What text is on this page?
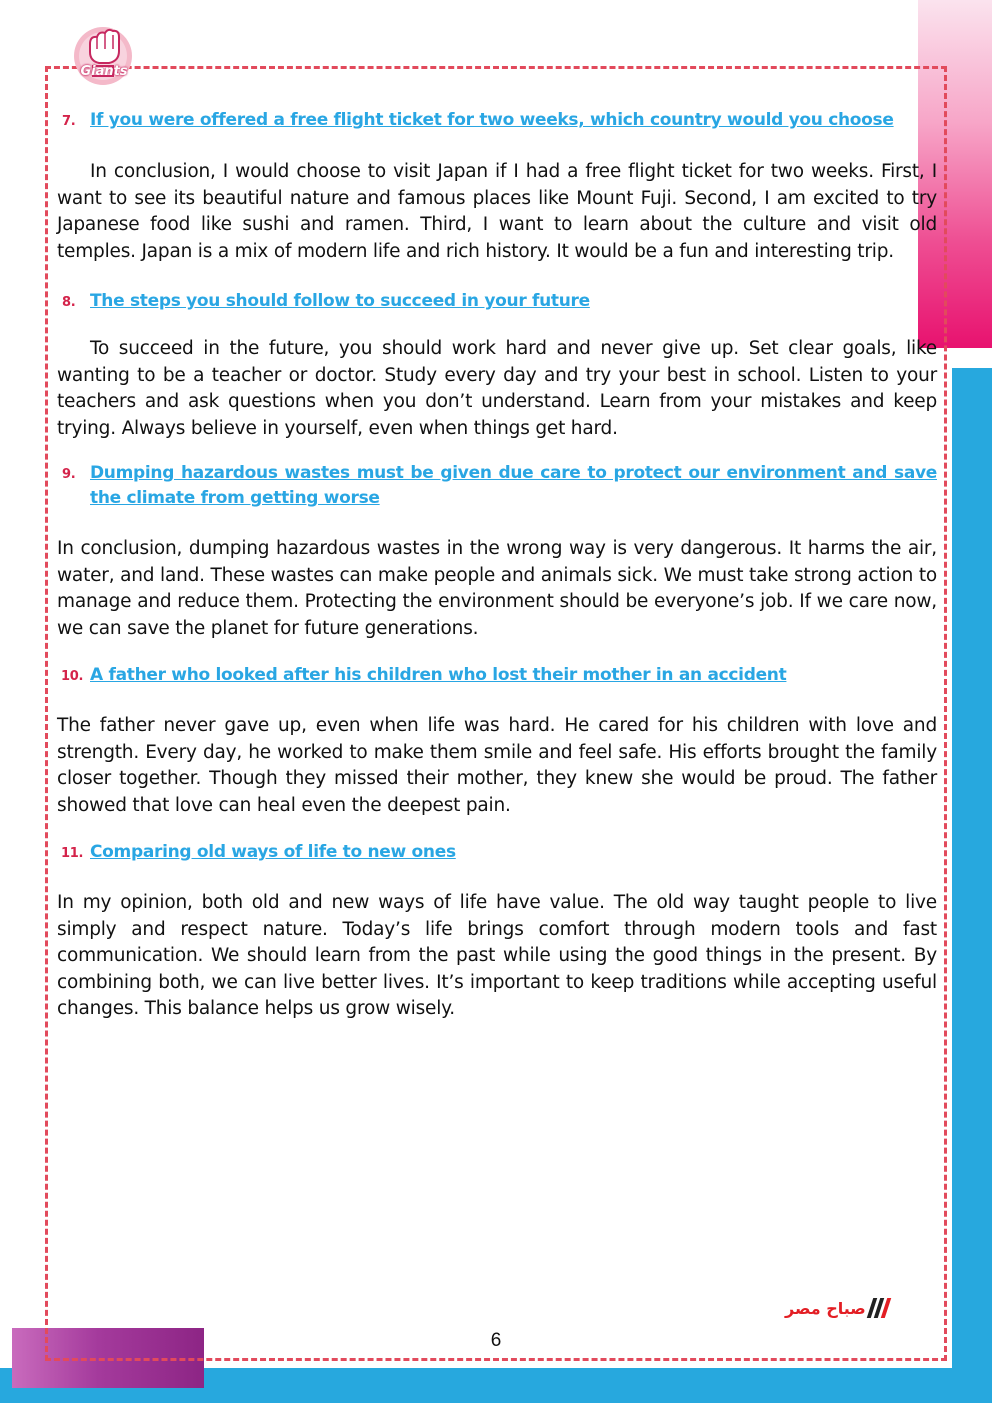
Giants
7. If you were offered a free flight ticket for two weeks, which country would you choose

In conclusion, I would choose to visit Japan if I had a free flight ticket for two weeks. First, I want to see its beautiful nature and famous places like Mount Fuji. Second, I am excited to try Japanese food like sushi and ramen. Third, I want to learn about the culture and visit old temples. Japan is a mix of modern life and rich history. It would be a fun and interesting trip.

8. The steps you should follow to succeed in your future

To succeed in the future, you should work hard and never give up. Set clear goals, like wanting to be a teacher or doctor. Study every day and try your best in school. Listen to your teachers and ask questions when you don’t understand. Learn from your mistakes and keep trying. Always believe in yourself, even when things get hard.

9. Dumping hazardous wastes must be given due care to protect our environment and save the climate from getting worse

In conclusion, dumping hazardous wastes in the wrong way is very dangerous. It harms the air, water, and land. These wastes can make people and animals sick. We must take strong action to manage and reduce them. Protecting the environment should be everyone’s job. If we care now, we can save the planet for future generations.

10. A father who looked after his children who lost their mother in an accident

The father never gave up, even when life was hard. He cared for his children with love and strength. Every day, he worked to make them smile and feel safe. His efforts brought the family closer together. Though they missed their mother, they knew she would be proud. The father showed that love can heal even the deepest pain.

11. Comparing old ways of life to new ones

In my opinion, both old and new ways of life have value. The old way taught people to live simply and respect nature. Today’s life brings comfort through modern tools and fast communication. We should learn from the past while using the good things in the present. By combining both, we can live better lives. It’s important to keep traditions while accepting useful changes. This balance helps us grow wisely.

صباح مصر
6
